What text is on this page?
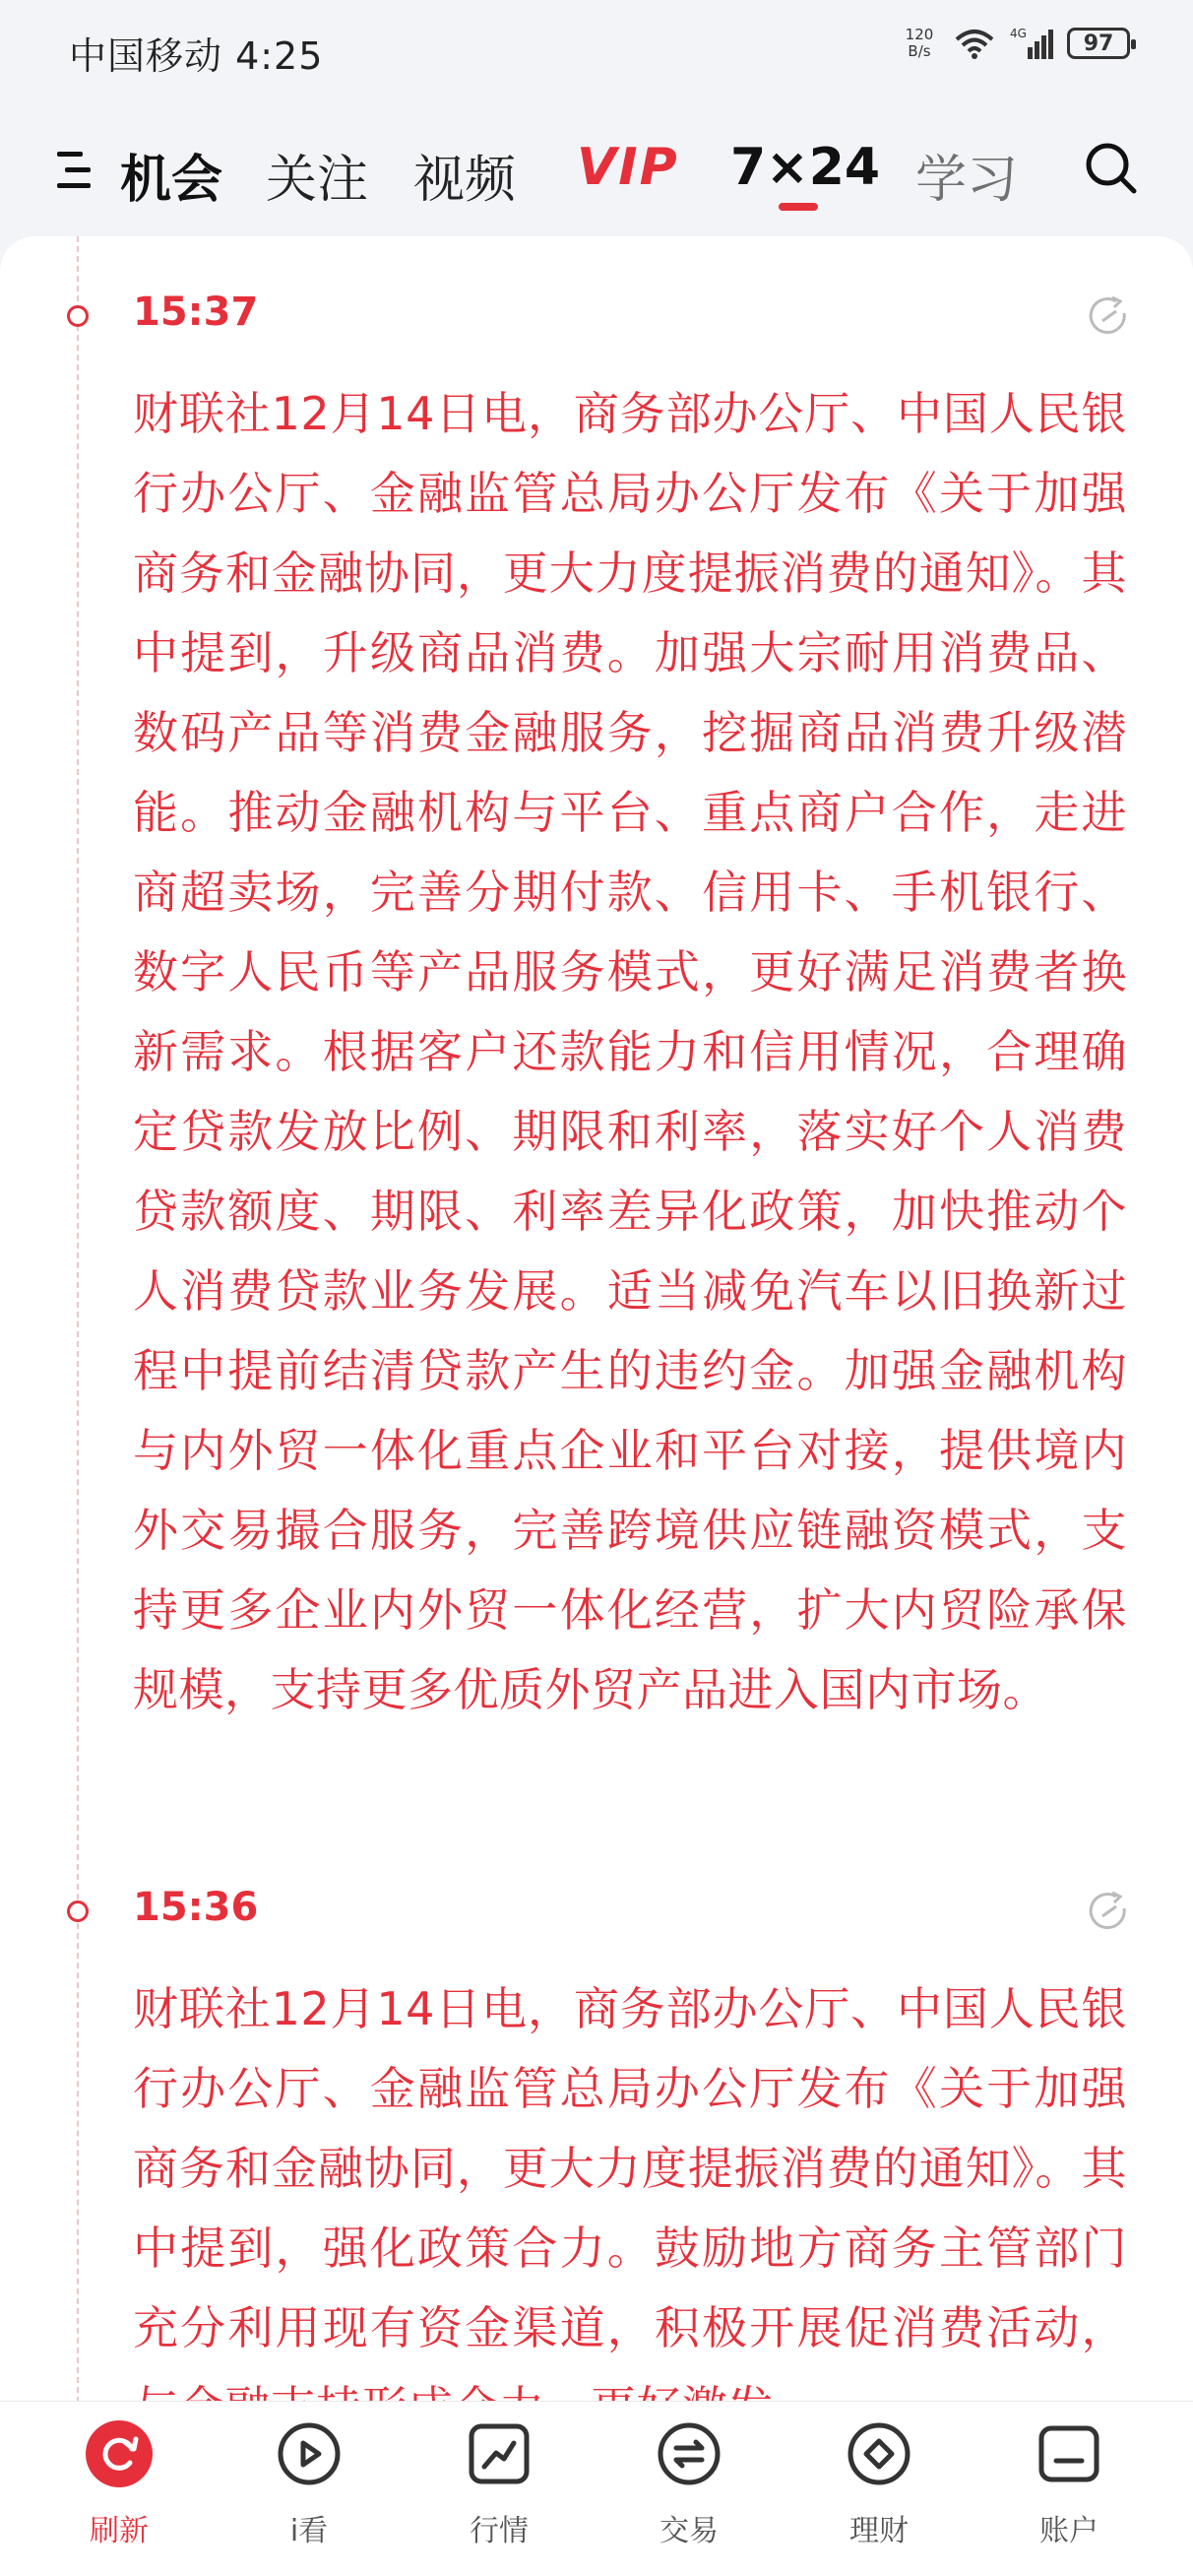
中国移动 4:25	120
B/s
4G	97
机会 关注 视频 VIP 7×24 学习
15:37

财联社12月14日电，商务部办公厅、中国人民银行办公厅、金融监管总局办公厅发布《关于加强商务和金融协同，更大力度提振消费的通知》。其中提到，升级商品消费。加强大宗耐用消费品、数码产品等消费金融服务，挖掘商品消费升级潜能。推动金融机构与平台、重点商户合作，走进商超卖场，完善分期付款、信用卡、手机银行、数字人民币等产品服务模式，更好满足消费者换新需求。根据客户还款能力和信用情况，合理确定贷款发放比例、期限和利率，落实好个人消费贷款额度、期限、利率差异化政策，加快推动个人消费贷款业务发展。适当减免汽车以旧换新过程中提前结清贷款产生的违约金。加强金融机构与内外贸一体化重点企业和平台对接，提供境内外交易撮合服务，完善跨境供应链融资模式，支持更多企业内外贸一体化经营，扩大内贸险承保规模，支持更多优质外贸产品进入国内市场。

15:36

财联社12月14日电，商务部办公厅、中国人民银行办公厅、金融监管总局办公厅发布《关于加强商务和金融协同，更大力度提振消费的通知》。其中提到，强化政策合力。鼓励地方商务主管部门充分利用现有资金渠道，积极开展促消费活动，

刷新	i看	行情	交易	理财	账户
